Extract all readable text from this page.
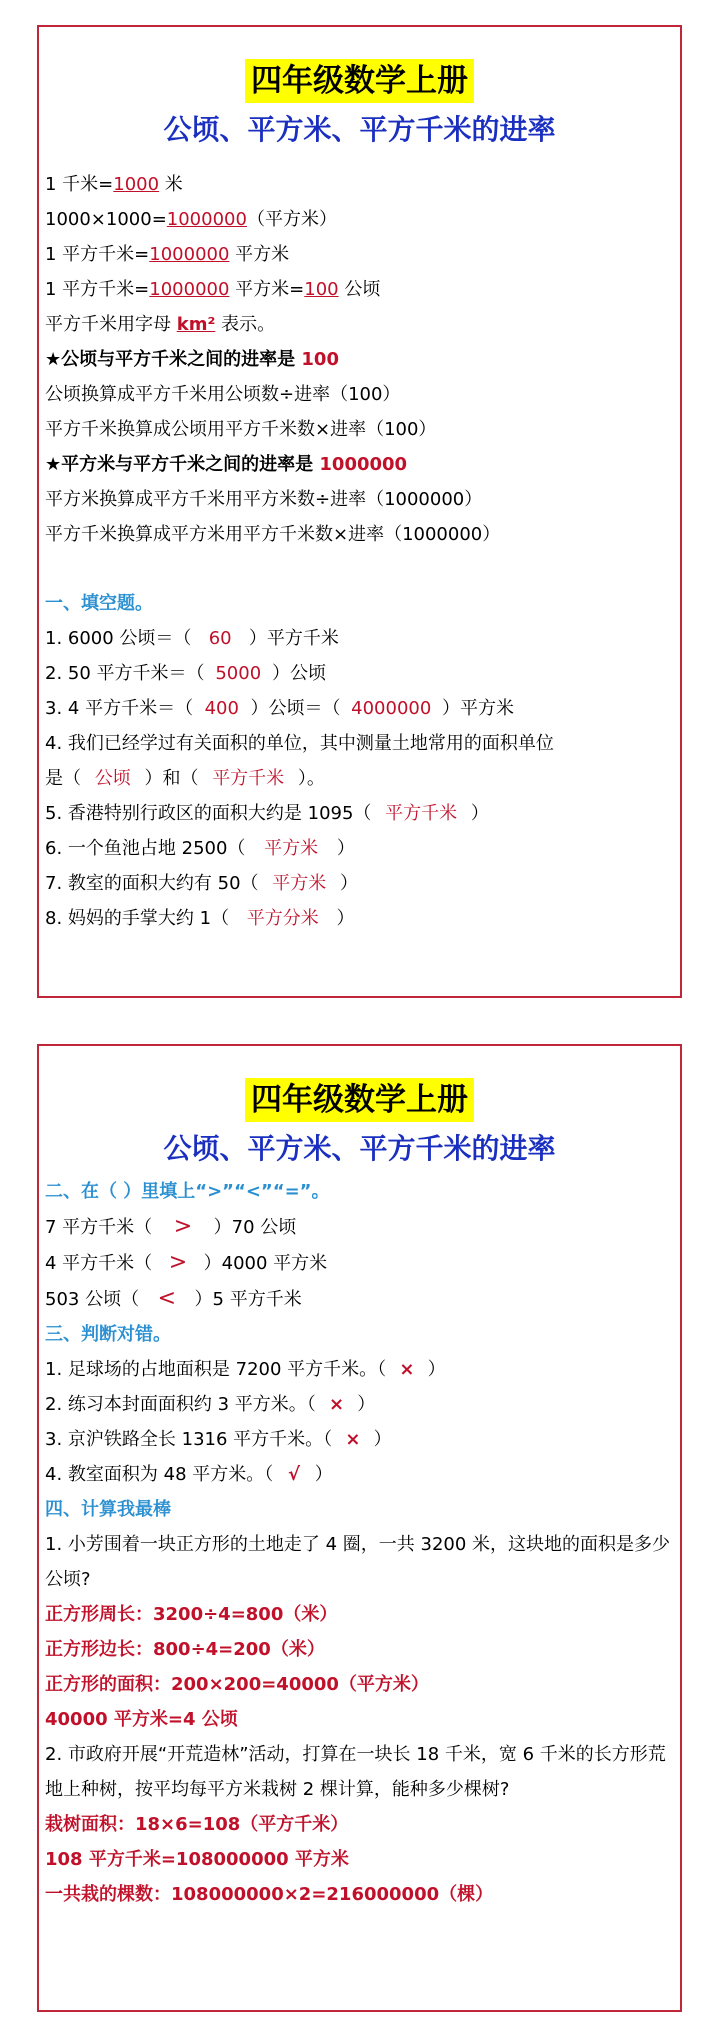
四年级数学上册
公顷、平方米、平方千米的进率
1 千米=1000 米
1000×1000=1000000（平方米）
1 平方千米=1000000 平方米
1 平方千米=1000000 平方米=100 公顷
平方千米用字母 km² 表示。
★公顷与平方千米之间的进率是 100
公顷换算成平方千米用公顷数÷进率（100）
平方千米换算成公顷用平方千米数×进率（100）
★平方米与平方千米之间的进率是 1000000
平方米换算成平方千米用平方米数÷进率（1000000）
平方千米换算成平方米用平方千米数×进率（1000000）
一、填空题。
1. 6000 公顷＝（ 60 ）平方千米
2. 50 平方千米＝（ 5000 ）公顷
3. 4 平方千米＝（ 400 ）公顷＝（ 4000000 ）平方米
4. 我们已经学过有关面积的单位，其中测量土地常用的面积单位
是（ 公顷 ）和（ 平方千米 ）。
5. 香港特别行政区的面积大约是 1095（ 平方千米 ）
6. 一个鱼池占地 2500（ 平方米 ）
7. 教室的面积大约有 50（ 平方米 ）
8. 妈妈的手掌大约 1（ 平方分米 ）
四年级数学上册
公顷、平方米、平方千米的进率
二、在（ ）里填上“>”“<”“=”。
7 平方千米（ > ）70 公顷
4 平方千米（ > ）4000 平方米
503 公顷（ < ）5 平方千米
三、判断对错。
1. 足球场的占地面积是 7200 平方千米。（ × ）
2. 练习本封面面积约 3 平方米。（ × ）
3. 京沪铁路全长 1316 平方千米。（ × ）
4. 教室面积为 48 平方米。（ √ ）
四、计算我最棒
1. 小芳围着一块正方形的土地走了 4 圈，一共 3200 米，这块地的面积是多少公顷?
正方形周长：3200÷4=800（米）
正方形边长：800÷4=200（米）
正方形的面积：200×200=40000（平方米）
40000 平方米=4 公顷
2. 市政府开展“开荒造林”活动，打算在一块长 18 千米，宽 6 千米的长方形荒地上种树，按平均每平方米栽树 2 棵计算，能种多少棵树?
栽树面积：18×6=108（平方千米）
108 平方千米=108000000 平方米
一共栽的棵数：108000000×2=216000000（棵）
